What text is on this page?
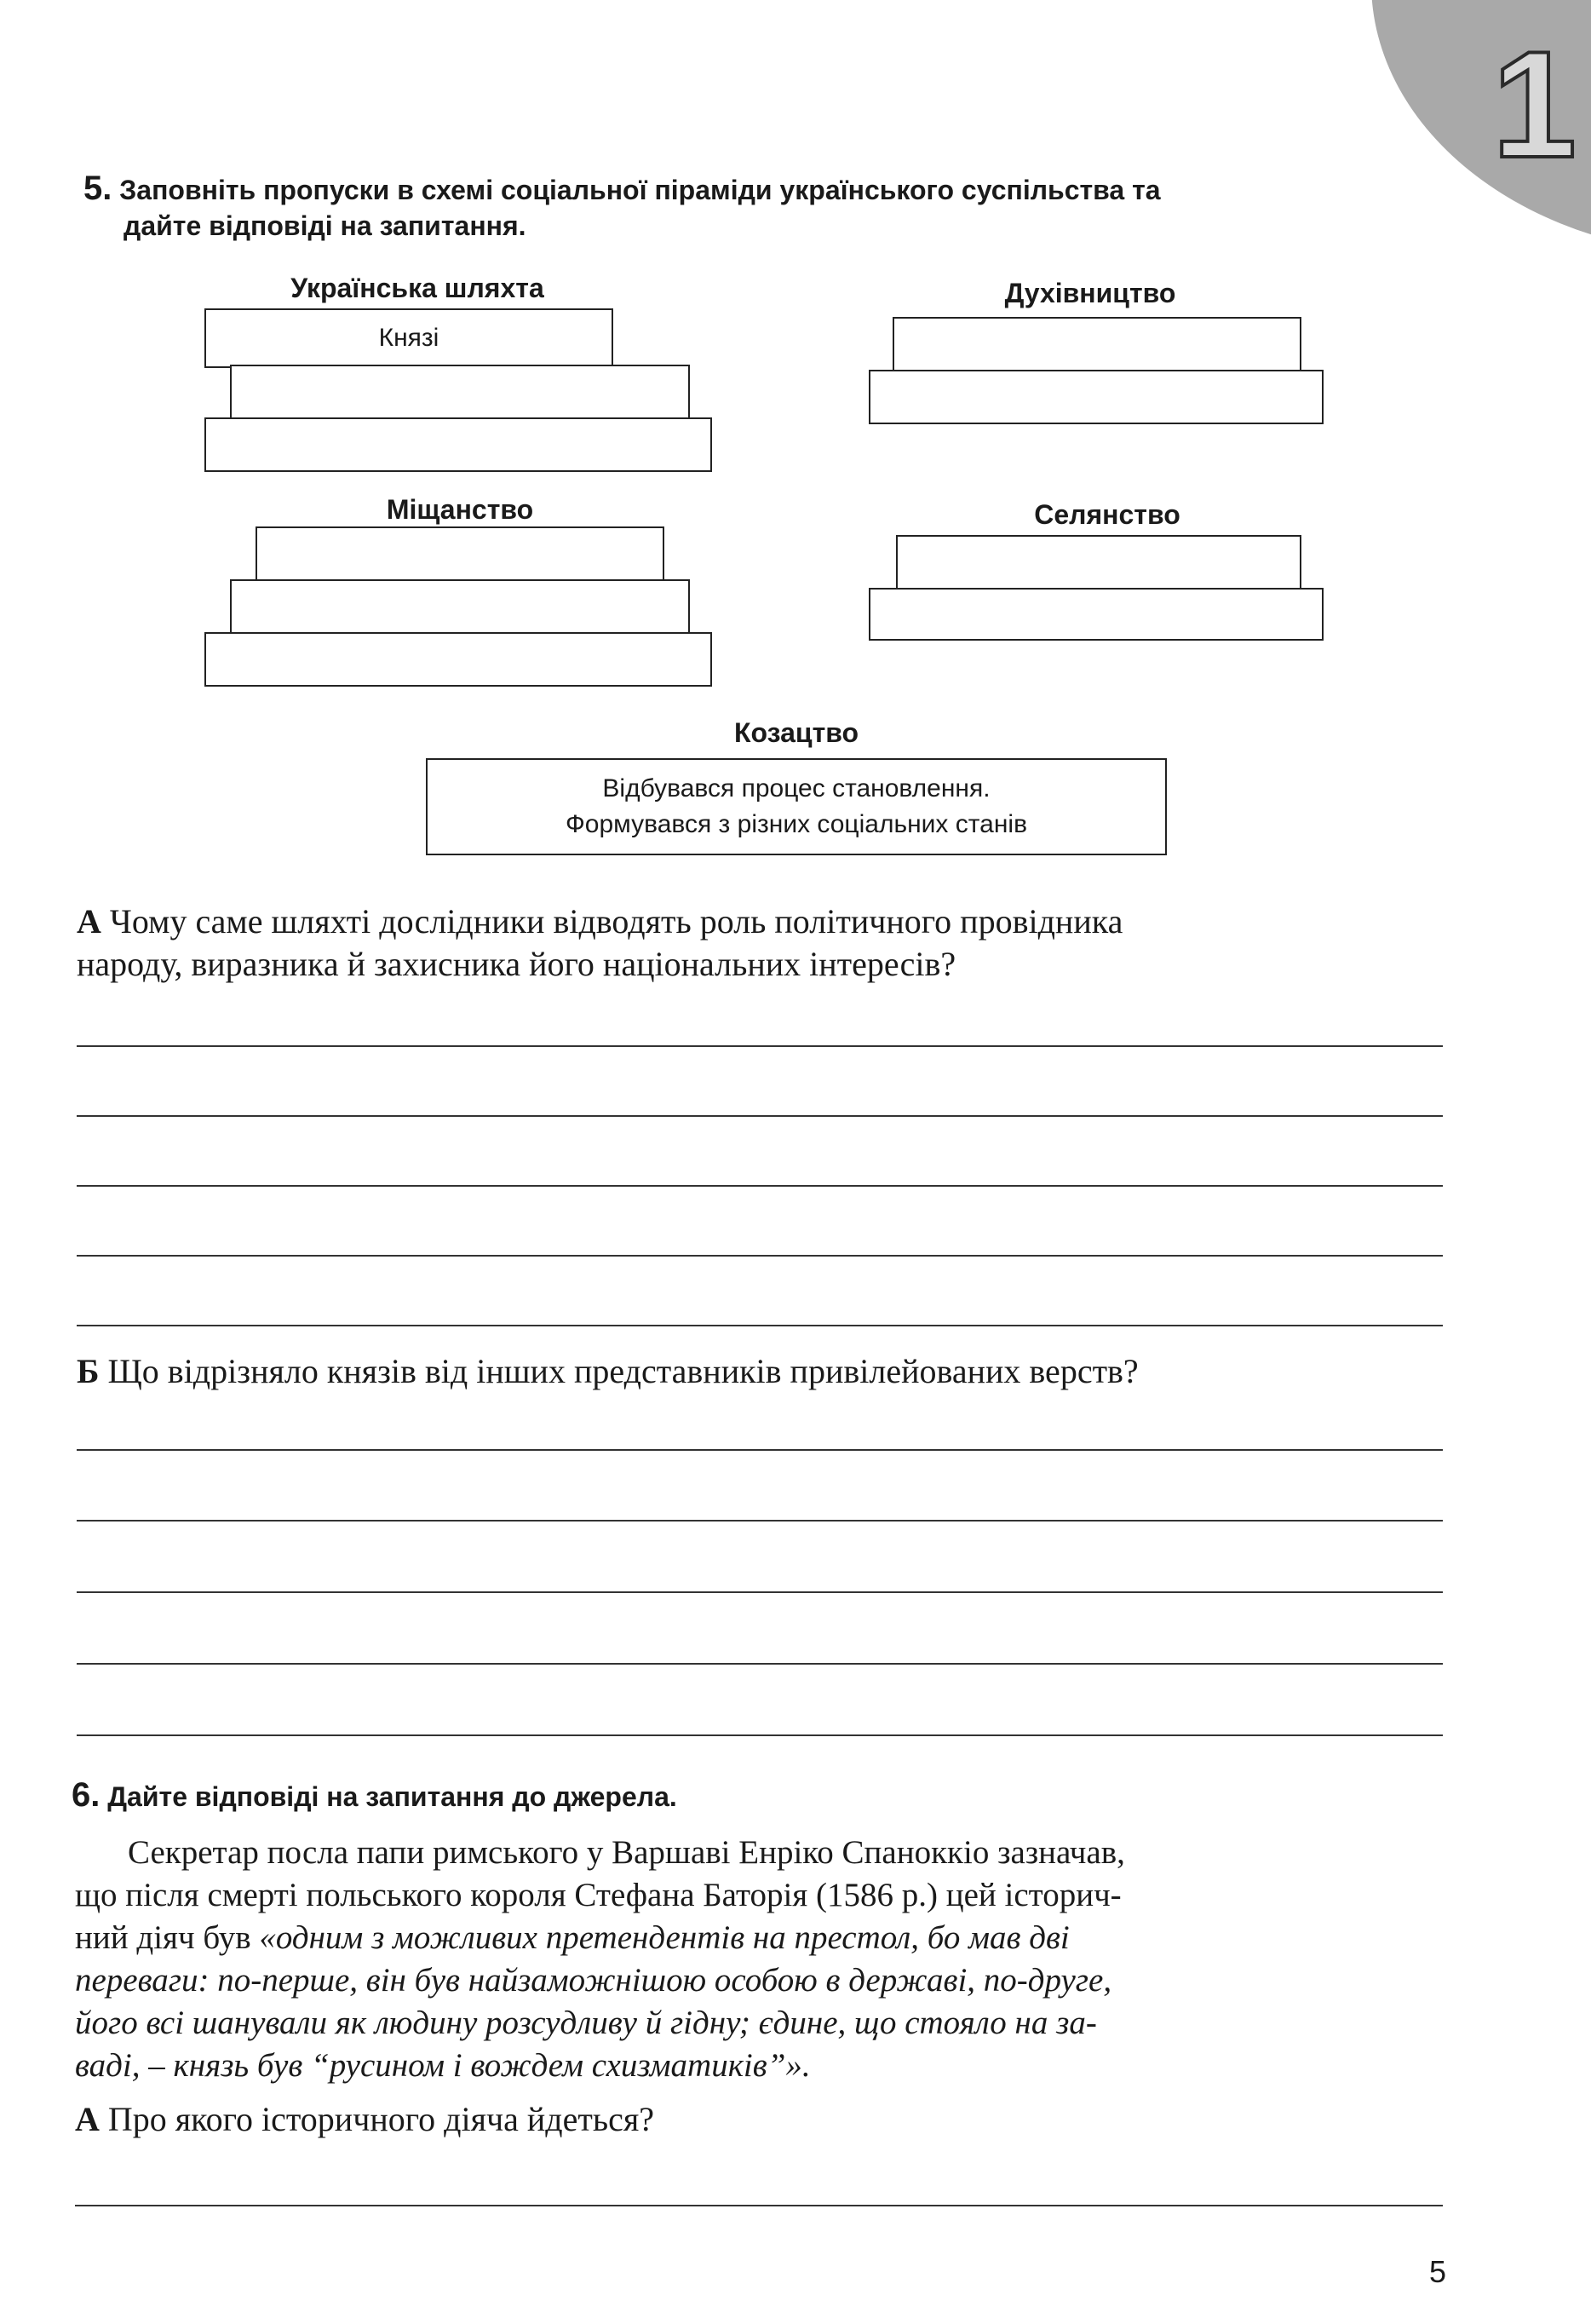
1
5. Заповніть пропуски в схемі соціальної піраміди українського суспільства та
дайте відповіді на запитання.
Українська шляхта
Князі
Духівництво
Міщанство	Селянство
Козацтво
Відбувався процес становлення.
Формувався з різних соціальних станів
А Чому саме шляхті дослідники відводять роль політичного провідника
народу, виразника й захисника його національних інтересів?
Б Що відрізняло князів від інших представників привілейованих верств?
6. Дайте відповіді на запитання до джерела.
Секретар посла папи римського у Варшаві Енріко Спаноккіо зазначав,
що після смерті польського короля Стефана Баторія (1586 р.) цей історич-
ний діяч був «одним з можливих претендентів на престол, бо мав дві
переваги: по-перше, він був найзаможнішою особою в державі, по-друге,
його всі шанували як людину розсудливу й гідну; єдине, що стояло на за-
ваді, – князь був “русином і вождем схизматиків”».
А Про якого історичного діяча йдеться?
5
